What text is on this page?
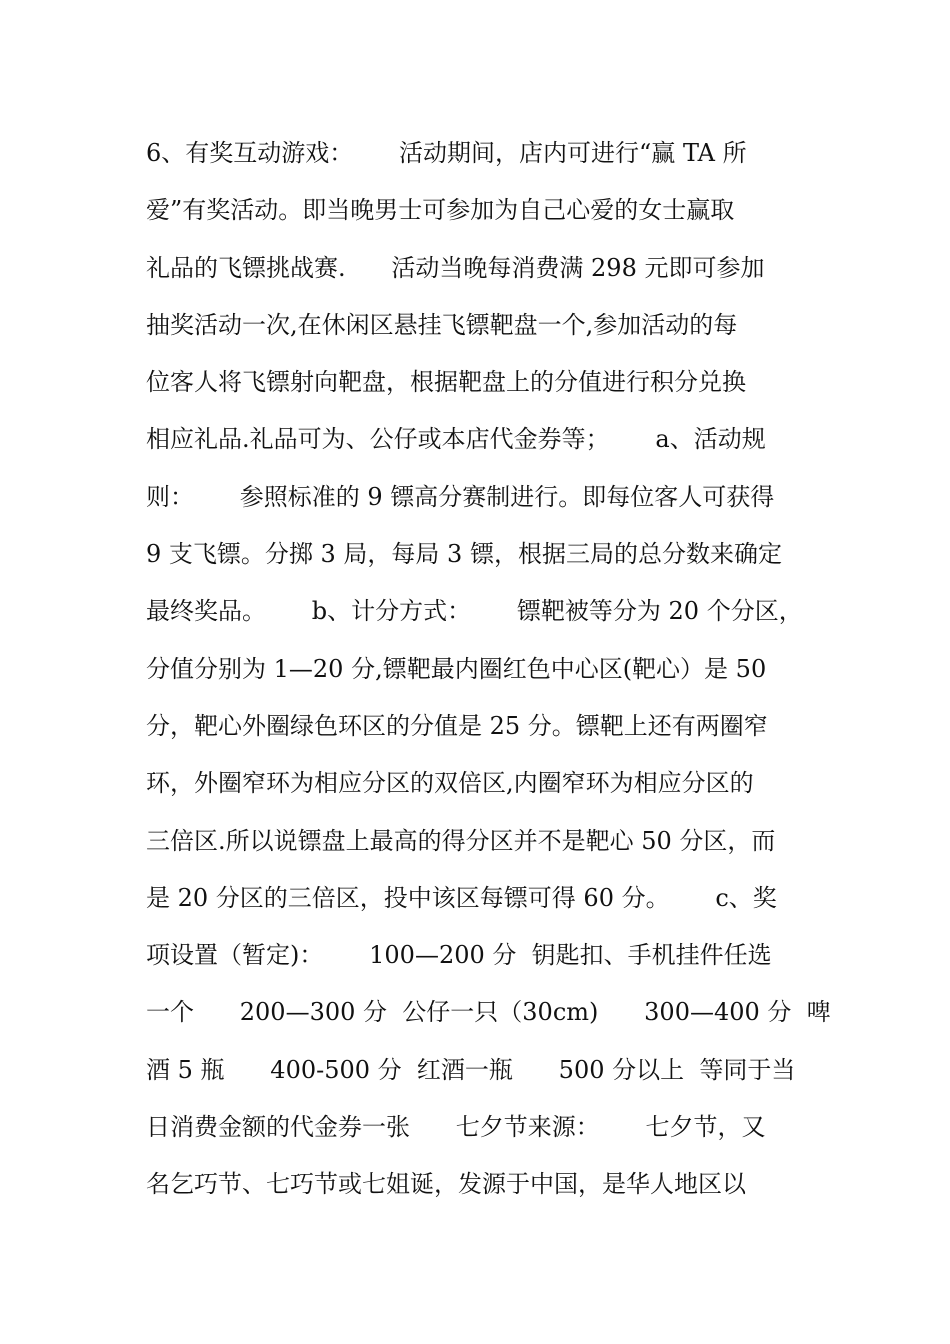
6、有奖互动游戏：      活动期间，店内可进行“赢 TA 所
爱”有奖活动。即当晚男士可参加为自己心爱的女士赢取
礼品的飞镖挑战赛.      活动当晚每消费满 298 元即可参加
抽奖活动一次,在休闲区悬挂飞镖靶盘一个,参加活动的每
位客人将飞镖射向靶盘，根据靶盘上的分值进行积分兑换
相应礼品.礼品可为、公仔或本店代金券等；      a、活动规
则：      参照标准的 9 镖高分赛制进行。即每位客人可获得
9 支飞镖。分掷 3 局，每局 3 镖，根据三局的总分数来确定
最终奖品。      b、计分方式：      镖靶被等分为 20 个分区，
分值分别为 1—20 分,镖靶最内圈红色中心区(靶心）是 50
分，靶心外圈绿色环区的分值是 25 分。镖靶上还有两圈窄
环，外圈窄环为相应分区的双倍区,内圈窄环为相应分区的
三倍区.所以说镖盘上最高的得分区并不是靶心 50 分区，而
是 20 分区的三倍区，投中该区每镖可得 60 分。      c、奖
项设置（暂定)：      100—200 分  钥匙扣、手机挂件任选
一个      200—300 分  公仔一只（30cm)      300—400 分  啤
酒 5 瓶      400-500 分  红酒一瓶      500 分以上  等同于当
日消费金额的代金券一张      七夕节来源：      七夕节，又
名乞巧节、七巧节或七姐诞，发源于中国，是华人地区以
